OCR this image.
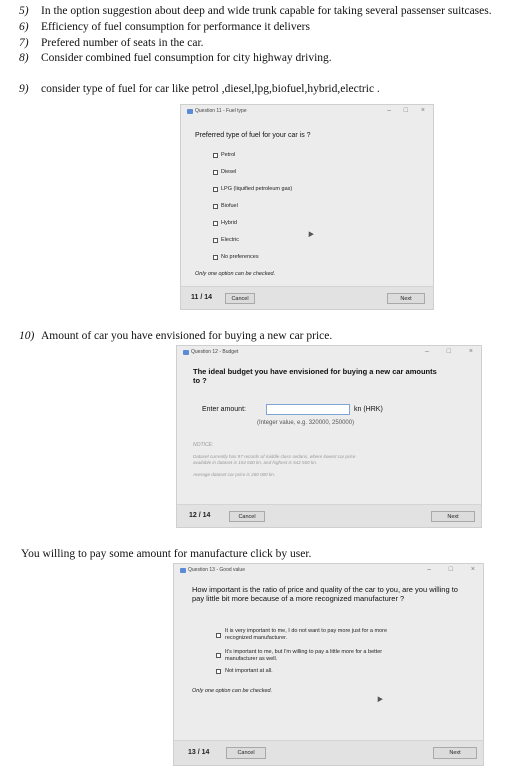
5) In the option suggestion about deep and wide trunk capable for taking several passenser suitcases.
6) Efficiency of fuel consumption for performance it delivers
7) Prefered number of seats in the car.
8) Consider combined fuel consumption for city highway driving.
9) consider type of fuel for car like petrol ,diesel,lpg,biofuel,hybrid,electric .
Question 11 - Fuel type	– □ ×
Preferred type of fuel for your car is ?
Petrol
Diesel
LPG (liquified petroleum gas)
Biofuel
Hybrid
Electric
No preferences
Only one option can be checked.
11 / 14	Cancel	Next
10) Amount of car you have envisioned for buying a new car price.
Question 12 - Budget	–	□	×
The ideal budget you have envisioned for buying a new car amounts to ?
Enter amount:	kn (HRK)
(Integer value, e.g. 320000, 250000)
NOTICE:
Dataset currently has 97 records of middle class sedans, where lowest car price
available in dataset is 154 600 kn, and highest is 542 500 kn.
Average dataset car price is 260 000 kn.
12 / 14	Cancel	Next
You willing to pay some amount for manufacture click by user.
Question 13 - Good value	–	□	×
How important is the ratio of price and quality of the car to you, are you willing to pay little bit more because of a more recognized manufacturer ?
It is very important to me, I do not want to pay more just for a more
recognized manufacturer.
It's important to me, but I'm willing to pay a little more for a better
manufacturer as well.
Not important at all.
Only one option can be checked.
13 / 14	Cancel	Next
